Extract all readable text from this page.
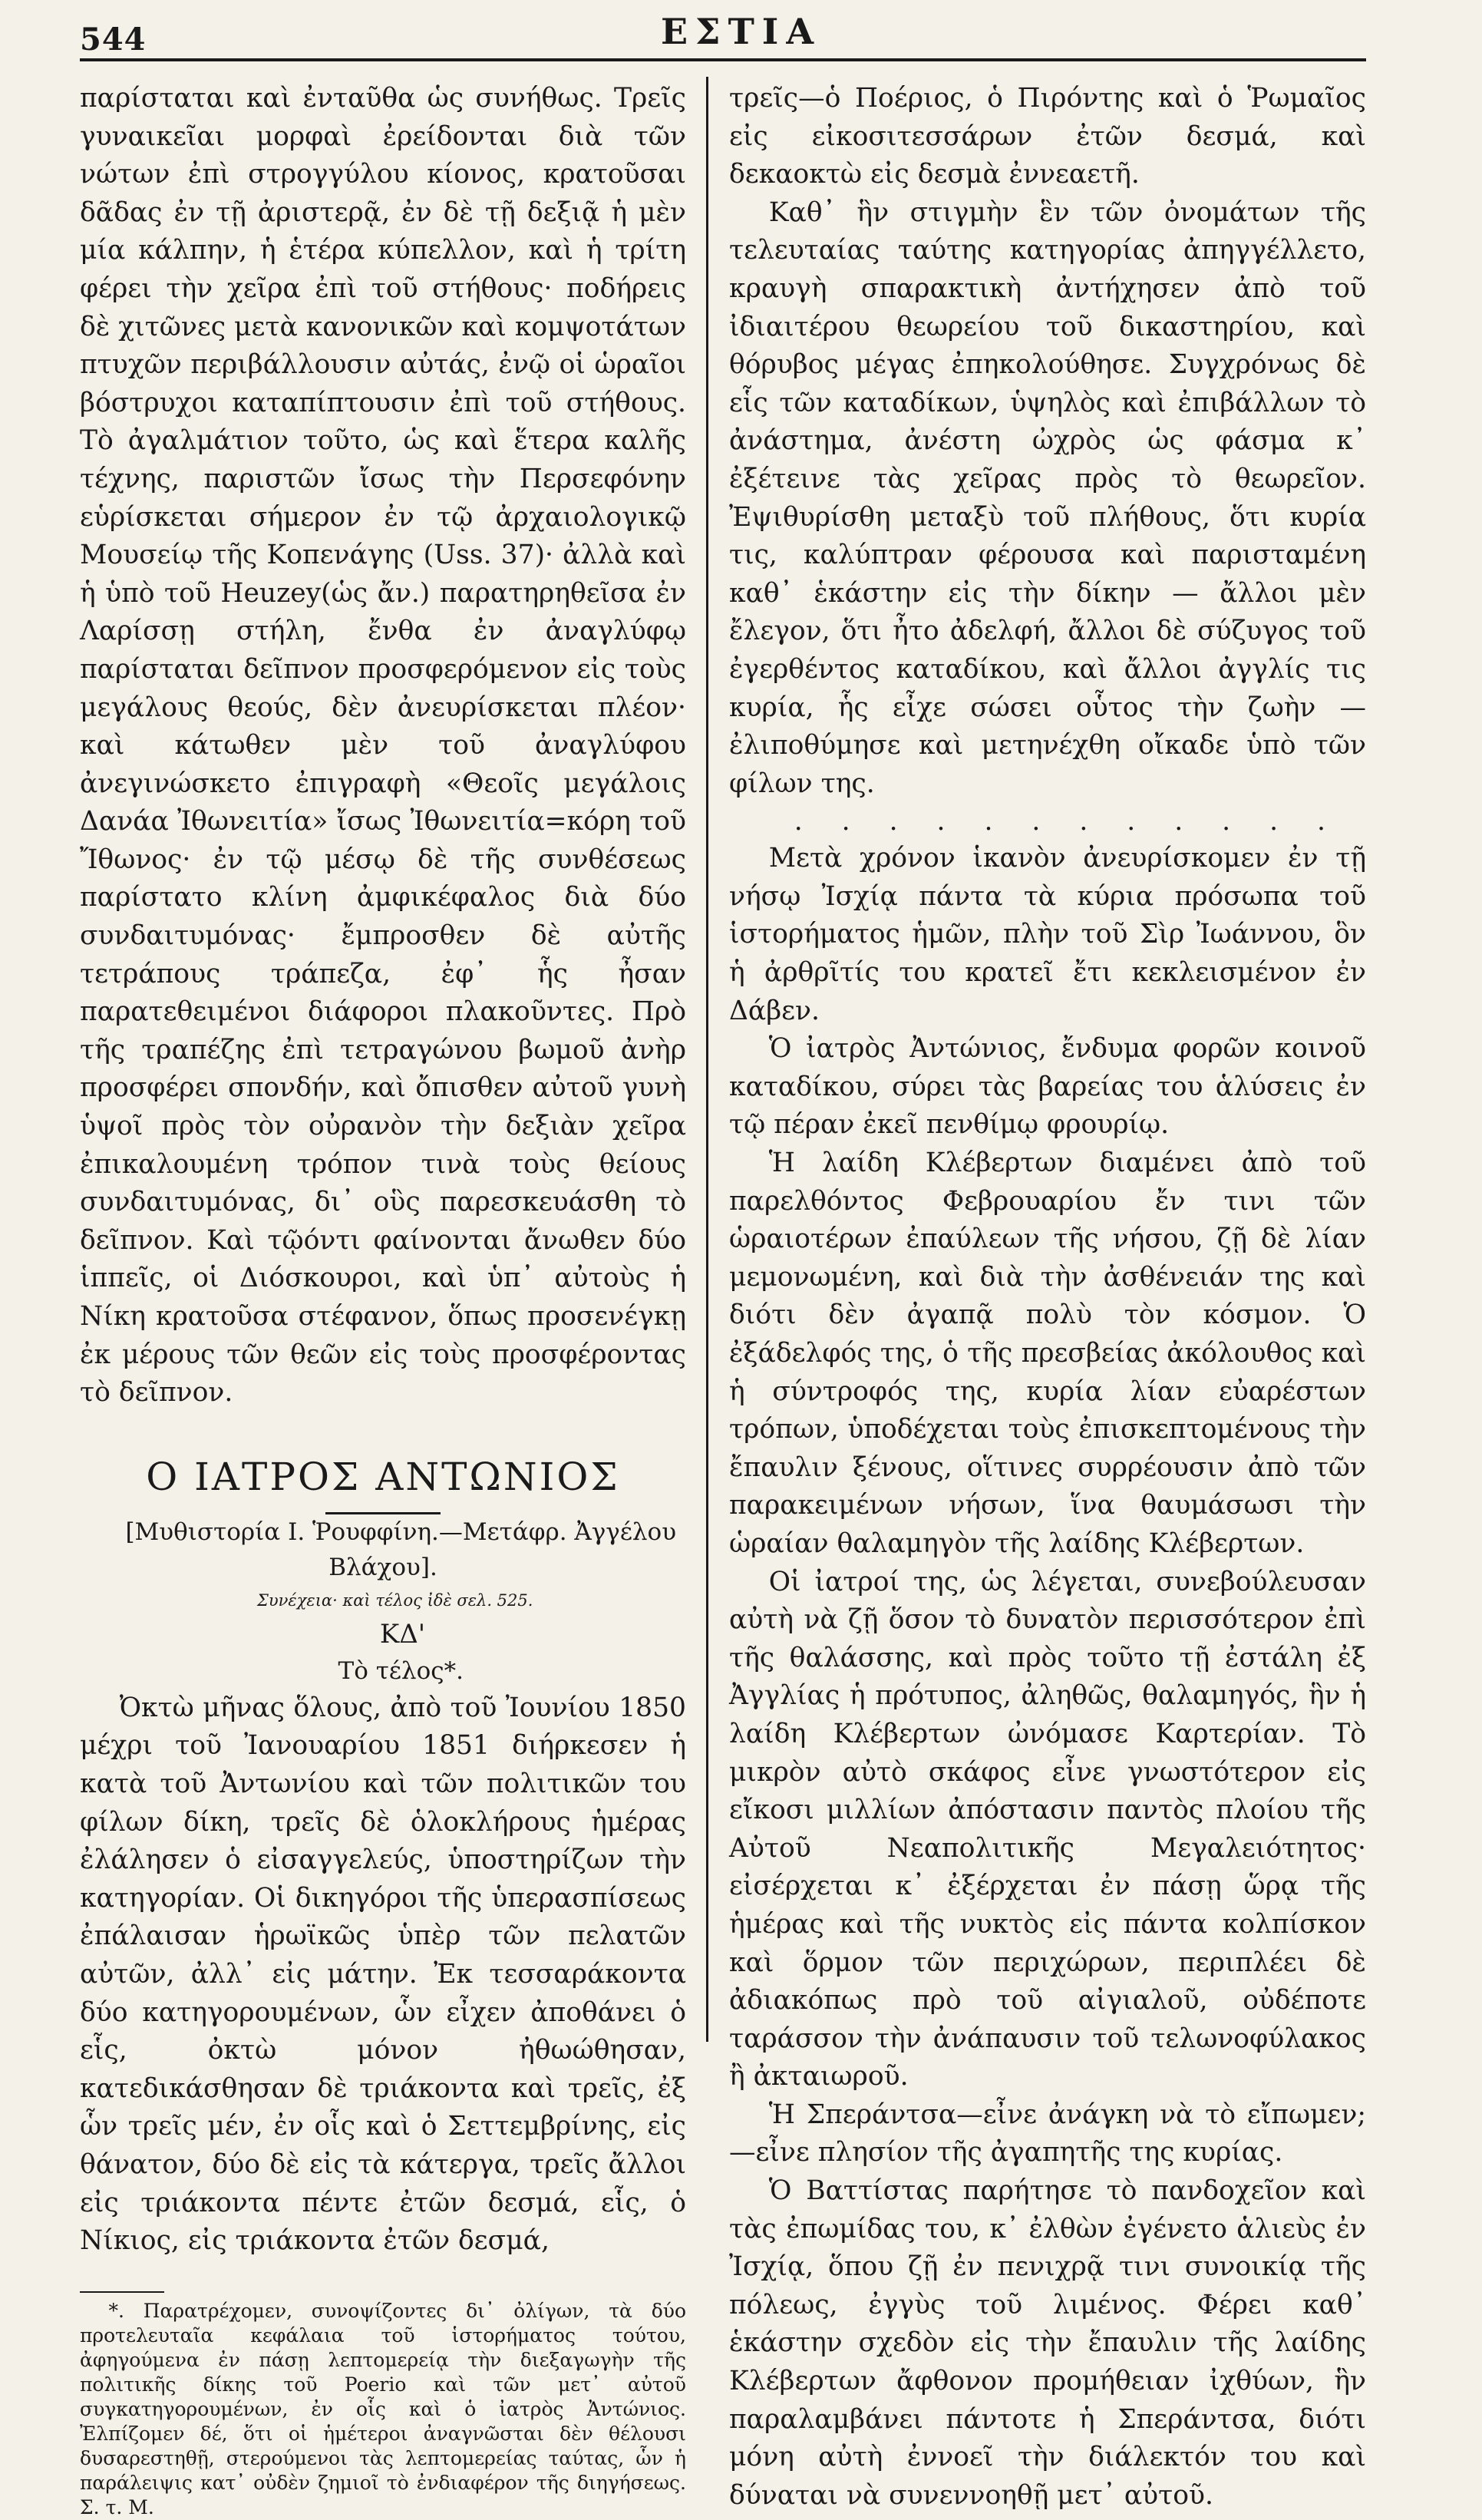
544	ΕΣΤΙΑ

παρίσταται καὶ ἐνταῦθα ὡς συνήθως. Τρεῖς γυναικεῖαι μορφαὶ ἐρείδονται διὰ τῶν νώτων ἐπὶ στρογγύλου κίονος, κρατοῦσαι δᾶδας ἐν τῇ ἀριστερᾷ, ἐν δὲ τῇ δεξιᾷ ἡ μὲν μία κάλπην, ἡ ἑτέρα κύπελλον, καὶ ἡ τρίτη φέρει τὴν χεῖρα ἐπὶ τοῦ στήθους· ποδήρεις δὲ χιτῶνες μετὰ κανονικῶν καὶ κομψοτάτων πτυχῶν περιβάλλουσιν αὐτάς, ἐνῷ οἱ ὡραῖοι βόστρυχοι καταπίπτουσιν ἐπὶ τοῦ στήθους. Τὸ ἀγαλμάτιον τοῦτο, ὡς καὶ ἕτερα καλῆς τέχνης, παριστῶν ἴσως τὴν Περσεφόνην εὑρίσκεται σήμερον ἐν τῷ ἀρχαιολογικῷ Μουσείῳ τῆς Κοπενάγης (Uss. 37)· ἀλλὰ καὶ ἡ ὑπὸ τοῦ Heuzey(ὡς ἄν.) παρατηρηθεῖσα ἐν Λαρίσσῃ στήλη, ἔνθα ἐν ἀναγλύφῳ παρίσταται δεῖπνον προσφερόμενον εἰς τοὺς μεγάλους θεούς, δὲν ἀνευρίσκεται πλέον· καὶ κάτωθεν μὲν τοῦ ἀναγλύφου ἀνεγινώσκετο ἐπιγραφὴ «Θεοῖς μεγάλοις Δανάα Ἰθωνειτία» ἴσως Ἰθωνειτία=κόρη τοῦ Ἴθωνος· ἐν τῷ μέσῳ δὲ τῆς συνθέσεως παρίστατο κλίνη ἀμφικέφαλος διὰ δύο συνδαιτυμόνας· ἔμπροσθεν δὲ αὐτῆς τετράπους τράπεζα, ἐφ᾿ ἧς ἦσαν παρατεθειμένοι διάφοροι πλακοῦντες. Πρὸ τῆς τραπέζης ἐπὶ τετραγώνου βωμοῦ ἀνὴρ προσφέρει σπονδήν, καὶ ὄπισθεν αὐτοῦ γυνὴ ὑψοῖ πρὸς τὸν οὐρανὸν τὴν δεξιὰν χεῖρα ἐπικαλουμένη τρόπον τινὰ τοὺς θείους συνδαιτυμόνας, δι᾿ οὓς παρεσκευάσθη τὸ δεῖπνον. Καὶ τῷόντι φαίνονται ἄνωθεν δύο ἱππεῖς, οἱ Διόσκουροι, καὶ ὑπ᾿ αὐτοὺς ἡ Νίκη κρατοῦσα στέφανον, ὅπως προσενέγκῃ ἐκ μέρους τῶν θεῶν εἰς τοὺς προσφέροντας τὸ δεῖπνον.

Ο ΙΑΤΡΟΣ ΑΝΤΩΝΙΟΣ

[Μυθιστορία Ι. Ῥουφφίνη.—Μετάφρ. Ἀγγέλου Βλάχου].

Συνέχεια· καὶ τέλος ἰδὲ σελ. 525.

ΚΔ'

Τὸ τέλος*.

Ὀκτὼ μῆνας ὅλους, ἀπὸ τοῦ Ἰουνίου 1850 μέχρι τοῦ Ἰανουαρίου 1851 διήρκεσεν ἡ κατὰ τοῦ Ἀντωνίου καὶ τῶν πολιτικῶν του φίλων δίκη, τρεῖς δὲ ὁλοκλήρους ἡμέρας ἐλάλησεν ὁ εἰσαγγελεύς, ὑποστηρίζων τὴν κατηγορίαν. Οἱ δικηγόροι τῆς ὑπερασπίσεως ἐπάλαισαν ἡρωϊκῶς ὑπὲρ τῶν πελατῶν αὐτῶν, ἀλλ᾿ εἰς μάτην. Ἐκ τεσσαράκοντα δύο κατηγορουμένων, ὧν εἶχεν ἀποθάνει ὁ εἷς, ὀκτὼ μόνον ἠθωώθησαν, κατεδικάσθησαν δὲ τριάκοντα καὶ τρεῖς, ἐξ ὧν τρεῖς μέν, ἐν οἷς καὶ ὁ Σεττεμβρίνης, εἰς θάνατον, δύο δὲ εἰς τὰ κάτεργα, τρεῖς ἄλλοι εἰς τριάκοντα πέντε ἐτῶν δεσμά, εἷς, ὁ Νίκιος, εἰς τριάκοντα ἐτῶν δεσμά,

*. Παρατρέχομεν, συνοψίζοντες δι᾿ ὀλίγων, τὰ δύο προτελευταῖα κεφάλαια τοῦ ἱστορήματος τούτου, ἀφηγούμενα ἐν πάσῃ λεπτομερείᾳ τὴν διεξαγωγὴν τῆς πολιτικῆς δίκης τοῦ Poerio καὶ τῶν μετ᾿ αὐτοῦ συγκατηγορουμένων, ἐν οἷς καὶ ὁ ἰατρὸς Ἀντώνιος. Ἐλπίζομεν δέ, ὅτι οἱ ἡμέτεροι ἀναγνῶσται δὲν θέλουσι δυσαρεστηθῇ, στερούμενοι τὰς λεπτομερείας ταύτας, ὧν ἡ παράλειψις κατ᾿ οὐδὲν ζημιοῖ τὸ ἐνδιαφέρον τῆς διηγήσεως. Σ. τ. Μ.

τρεῖς—ὁ Ποέριος, ὁ Πιρόντης καὶ ὁ Ῥωμαῖος εἰς εἰκοσιτεσσάρων ἐτῶν δεσμά, καὶ δεκαοκτὼ εἰς δεσμὰ ἐννεαετῆ.

Καθ᾿ ἣν στιγμὴν ἓν τῶν ὀνομάτων τῆς τελευταίας ταύτης κατηγορίας ἀπηγγέλλετο, κραυγὴ σπαρακτικὴ ἀντήχησεν ἀπὸ τοῦ ἰδιαιτέρου θεωρείου τοῦ δικαστηρίου, καὶ θόρυβος μέγας ἐπηκολούθησε. Συγχρόνως δὲ εἷς τῶν καταδίκων, ὑψηλὸς καὶ ἐπιβάλλων τὸ ἀνάστημα, ἀνέστη ὠχρὸς ὡς φάσμα κ᾿ ἐξέτεινε τὰς χεῖρας πρὸς τὸ θεωρεῖον. Ἐψιθυρίσθη μεταξὺ τοῦ πλήθους, ὅτι κυρία τις, καλύπτραν φέρουσα καὶ παρισταμένη καθ᾿ ἑκάστην εἰς τὴν δίκην — ἄλλοι μὲν ἔλεγον, ὅτι ἦτο ἀδελφή, ἄλλοι δὲ σύζυγος τοῦ ἐγερθέντος καταδίκου, καὶ ἄλλοι ἀγγλίς τις κυρία, ἧς εἶχε σώσει οὗτος τὴν ζωὴν — ἐλιποθύμησε καὶ μετηνέχθη οἴκαδε ὑπὸ τῶν φίλων της.

. . . . . . . . . . . .

Μετὰ χρόνον ἱκανὸν ἀνευρίσκομεν ἐν τῇ νήσῳ Ἰσχίᾳ πάντα τὰ κύρια πρόσωπα τοῦ ἱστορήματος ἡμῶν, πλὴν τοῦ Σὶρ Ἰωάννου, ὃν ἡ ἀρθρῖτίς του κρατεῖ ἔτι κεκλεισμένον ἐν Δάβεν.

Ὁ ἰατρὸς Ἀντώνιος, ἔνδυμα φορῶν κοινοῦ καταδίκου, σύρει τὰς βαρείας του ἁλύσεις ἐν τῷ πέραν ἐκεῖ πενθίμῳ φρουρίῳ.

Ἡ λαίδη Κλέβερτων διαμένει ἀπὸ τοῦ παρελθόντος Φεβρουαρίου ἔν τινι τῶν ὡραιοτέρων ἐπαύλεων τῆς νήσου, ζῇ δὲ λίαν μεμονωμένη, καὶ διὰ τὴν ἀσθένειάν της καὶ διότι δὲν ἀγαπᾷ πολὺ τὸν κόσμον. Ὁ ἐξάδελφός της, ὁ τῆς πρεσβείας ἀκόλουθος καὶ ἡ σύντροφός της, κυρία λίαν εὐαρέστων τρόπων, ὑποδέχεται τοὺς ἐπισκεπτομένους τὴν ἔπαυλιν ξένους, οἵτινες συρρέουσιν ἀπὸ τῶν παρακειμένων νήσων, ἵνα θαυμάσωσι τὴν ὡραίαν θαλαμηγὸν τῆς λαίδης Κλέβερτων.

Οἱ ἰατροί της, ὡς λέγεται, συνεβούλευσαν αὐτὴ νὰ ζῇ ὅσον τὸ δυνατὸν περισσότερον ἐπὶ τῆς θαλάσσης, καὶ πρὸς τοῦτο τῇ ἐστάλη ἐξ Ἀγγλίας ἡ πρότυπος, ἀληθῶς, θαλαμηγός, ἣν ἡ λαίδη Κλέβερτων ὠνόμασε Καρτερίαν. Τὸ μικρὸν αὐτὸ σκάφος εἶνε γνωστότερον εἰς εἴκοσι μιλλίων ἀπόστασιν παντὸς πλοίου τῆς Αὐτοῦ Νεαπολιτικῆς Μεγαλειότητος· εἰσέρχεται κ᾿ ἐξέρχεται ἐν πάσῃ ὥρᾳ τῆς ἡμέρας καὶ τῆς νυκτὸς εἰς πάντα κολπίσκον καὶ ὅρμον τῶν περιχώρων, περιπλέει δὲ ἀδιακόπως πρὸ τοῦ αἰγιαλοῦ, οὐδέποτε ταράσσον τὴν ἀνάπαυσιν τοῦ τελωνοφύλακος ἢ ἀκταιωροῦ.

Ἡ Σπεράντσα—εἶνε ἀνάγκη νὰ τὸ εἴπωμεν;—εἶνε πλησίον τῆς ἀγαπητῆς της κυρίας.

Ὁ Βαττίστας παρήτησε τὸ πανδοχεῖον καὶ τὰς ἐπωμίδας του, κ᾿ ἐλθὼν ἐγένετο ἁλιεὺς ἐν Ἰσχίᾳ, ὅπου ζῇ ἐν πενιχρᾷ τινι συνοικίᾳ τῆς πόλεως, ἐγγὺς τοῦ λιμένος. Φέρει καθ᾿ ἑκάστην σχεδὸν εἰς τὴν ἔπαυλιν τῆς λαίδης Κλέβερτων ἄφθονον προμήθειαν ἰχθύων, ἣν παραλαμβάνει πάντοτε ἡ Σπεράντσα, διότι μόνη αὐτὴ ἐννοεῖ τὴν διάλεκτόν του καὶ δύναται νὰ συνεννοηθῇ μετ᾿ αὐτοῦ.
